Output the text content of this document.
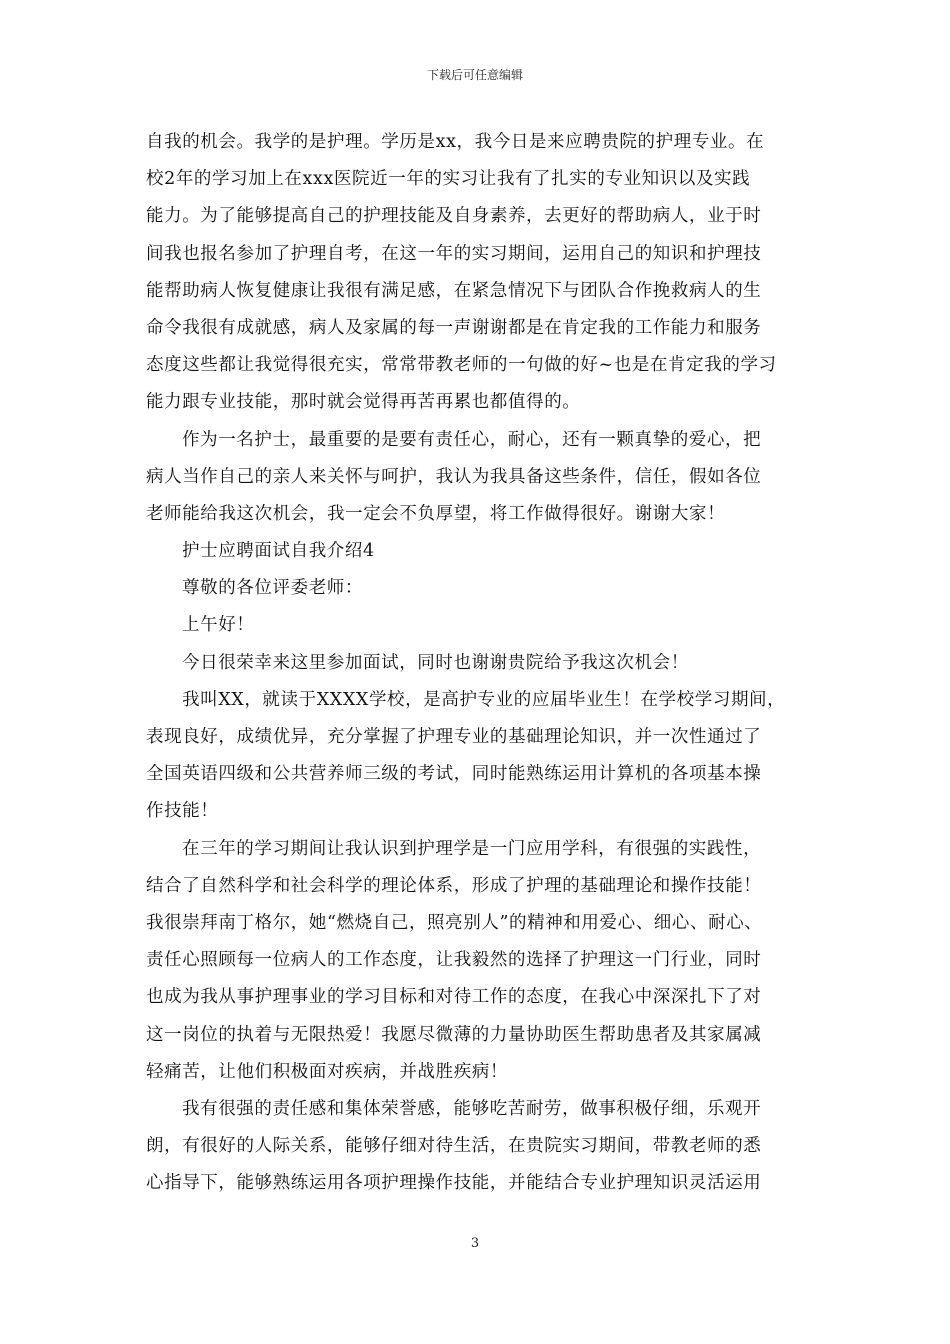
下载后可任意编辑
自我的机会。我学的是护理。学历是xx，我今日是来应聘贵院的护理专业。在
校2年的学习加上在xxx医院近一年的实习让我有了扎实的专业知识以及实践
能力。为了能够提高自己的护理技能及自身素养，去更好的帮助病人，业于时
间我也报名参加了护理自考，在这一年的实习期间，运用自己的知识和护理技
能帮助病人恢复健康让我很有满足感，在紧急情况下与团队合作挽救病人的生
命令我很有成就感，病人及家属的每一声谢谢都是在肯定我的工作能力和服务
态度这些都让我觉得很充实，常常带教老师的一句做的好~也是在肯定我的学习
能力跟专业技能，那时就会觉得再苦再累也都值得的。
作为一名护士，最重要的是要有责任心，耐心，还有一颗真挚的爱心，把
病人当作自己的亲人来关怀与呵护，我认为我具备这些条件，信任，假如各位
老师能给我这次机会，我一定会不负厚望，将工作做得很好。谢谢大家！
护士应聘面试自我介绍4
尊敬的各位评委老师：
上午好！
今日很荣幸来这里参加面试，同时也谢谢贵院给予我这次机会！
我叫XX，就读于XXXX学校，是高护专业的应届毕业生！在学校学习期间，
表现良好，成绩优异，充分掌握了护理专业的基础理论知识，并一次性通过了
全国英语四级和公共营养师三级的考试，同时能熟练运用计算机的各项基本操
作技能！
在三年的学习期间让我认识到护理学是一门应用学科，有很强的实践性，
结合了自然科学和社会科学的理论体系，形成了护理的基础理论和操作技能！
我很崇拜南丁格尔，她“燃烧自己，照亮别人”的精神和用爱心、细心、耐心、
责任心照顾每一位病人的工作态度，让我毅然的选择了护理这一门行业，同时
也成为我从事护理事业的学习目标和对待工作的态度，在我心中深深扎下了对
这一岗位的执着与无限热爱！我愿尽微薄的力量协助医生帮助患者及其家属减
轻痛苦，让他们积极面对疾病，并战胜疾病！
我有很强的责任感和集体荣誉感，能够吃苦耐劳，做事积极仔细，乐观开
朗，有很好的人际关系，能够仔细对待生活，在贵院实习期间，带教老师的悉
心指导下，能够熟练运用各项护理操作技能，并能结合专业护理知识灵活运用
3
